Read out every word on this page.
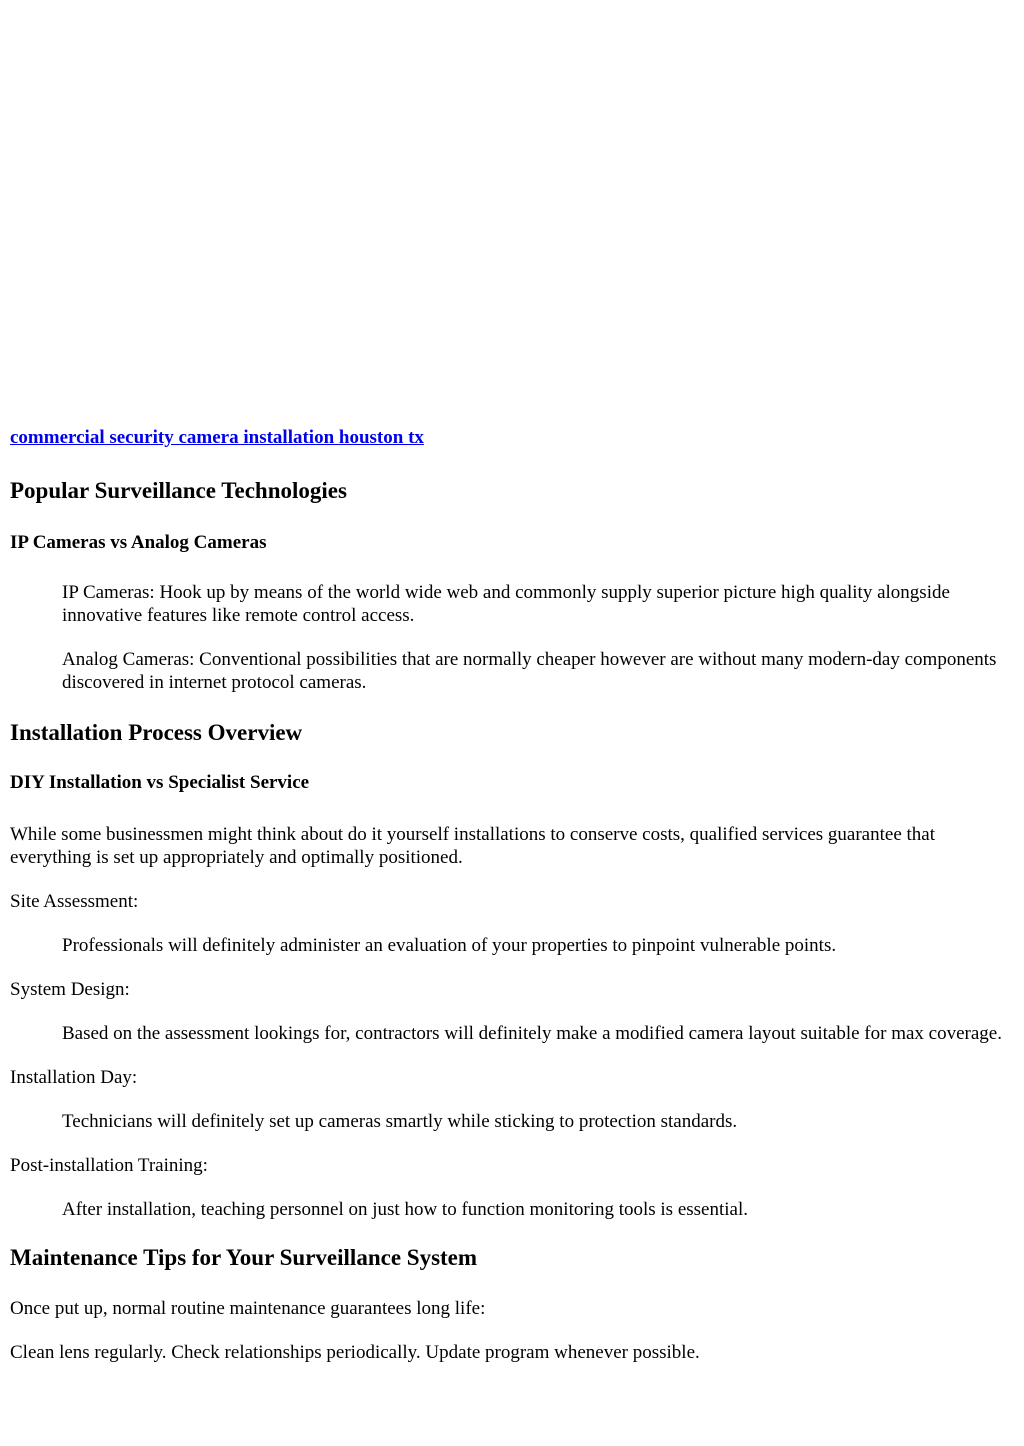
commercial security camera installation houston tx
Popular Surveillance Technologies
IP Cameras vs Analog Cameras

IP Cameras: Hook up by means of the world wide web and commonly supply superior picture high quality alongside innovative features like remote control access.

Analog Cameras: Conventional possibilities that are normally cheaper however are without many modern-day components discovered in internet protocol cameras.

Installation Process Overview
DIY Installation vs Specialist Service

While some businessmen might think about do it yourself installations to conserve costs, qualified services guarantee that everything is set up appropriately and optimally positioned.

Site Assessment:

Professionals will definitely administer an evaluation of your properties to pinpoint vulnerable points.

System Design:

Based on the assessment lookings for, contractors will definitely make a modified camera layout suitable for max coverage.

Installation Day:

Technicians will definitely set up cameras smartly while sticking to protection standards.

Post-installation Training:

After installation, teaching personnel on just how to function monitoring tools is essential.

Maintenance Tips for Your Surveillance System

Once put up, normal routine maintenance guarantees long life:

Clean lens regularly. Check relationships periodically. Update program whenever possible.
